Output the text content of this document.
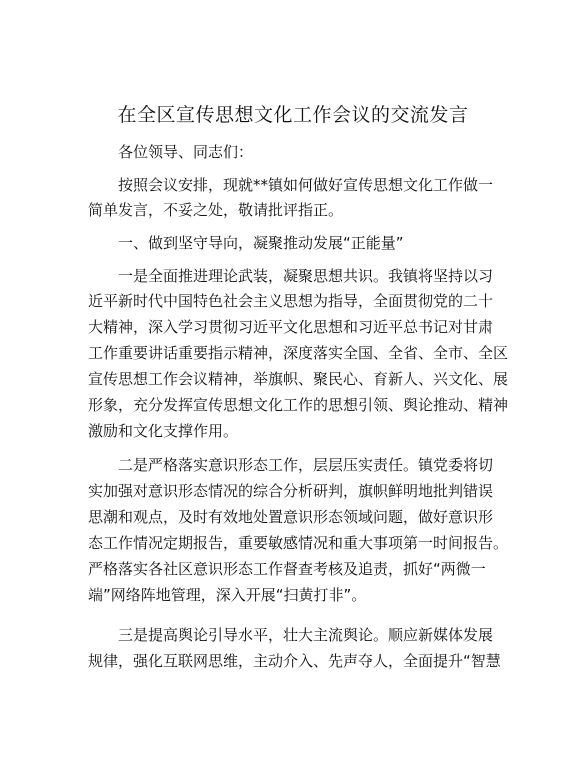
在全区宣传思想文化工作会议的交流发言
各位领导、同志们：
按照会议安排，现就**镇如何做好宣传思想文化工作做一
简单发言，不妥之处，敬请批评指正。
一、做到坚守导向，凝聚推动发展“正能量”
一是全面推进理论武装，凝聚思想共识。我镇将坚持以习
近平新时代中国特色社会主义思想为指导，全面贯彻党的二十
大精神，深入学习贯彻习近平文化思想和习近平总书记对甘肃
工作重要讲话重要指示精神，深度落实全国、全省、全市、全区
宣传思想工作会议精神，举旗帜、聚民心、育新人、兴文化、展
形象，充分发挥宣传思想文化工作的思想引领、舆论推动、精神
激励和文化支撑作用。
二是严格落实意识形态工作，层层压实责任。镇党委将切
实加强对意识形态情况的综合分析研判，旗帜鲜明地批判错误
思潮和观点，及时有效地处置意识形态领域问题，做好意识形
态工作情况定期报告，重要敏感情况和重大事项第一时间报告。
严格落实各社区意识形态工作督查考核及追责，抓好“两微一
端”网络阵地管理，深入开展“扫黄打非”。
三是提高舆论引导水平，壮大主流舆论。顺应新媒体发展
规律，强化互联网思维，主动介入、先声夺人，全面提升“智慧
